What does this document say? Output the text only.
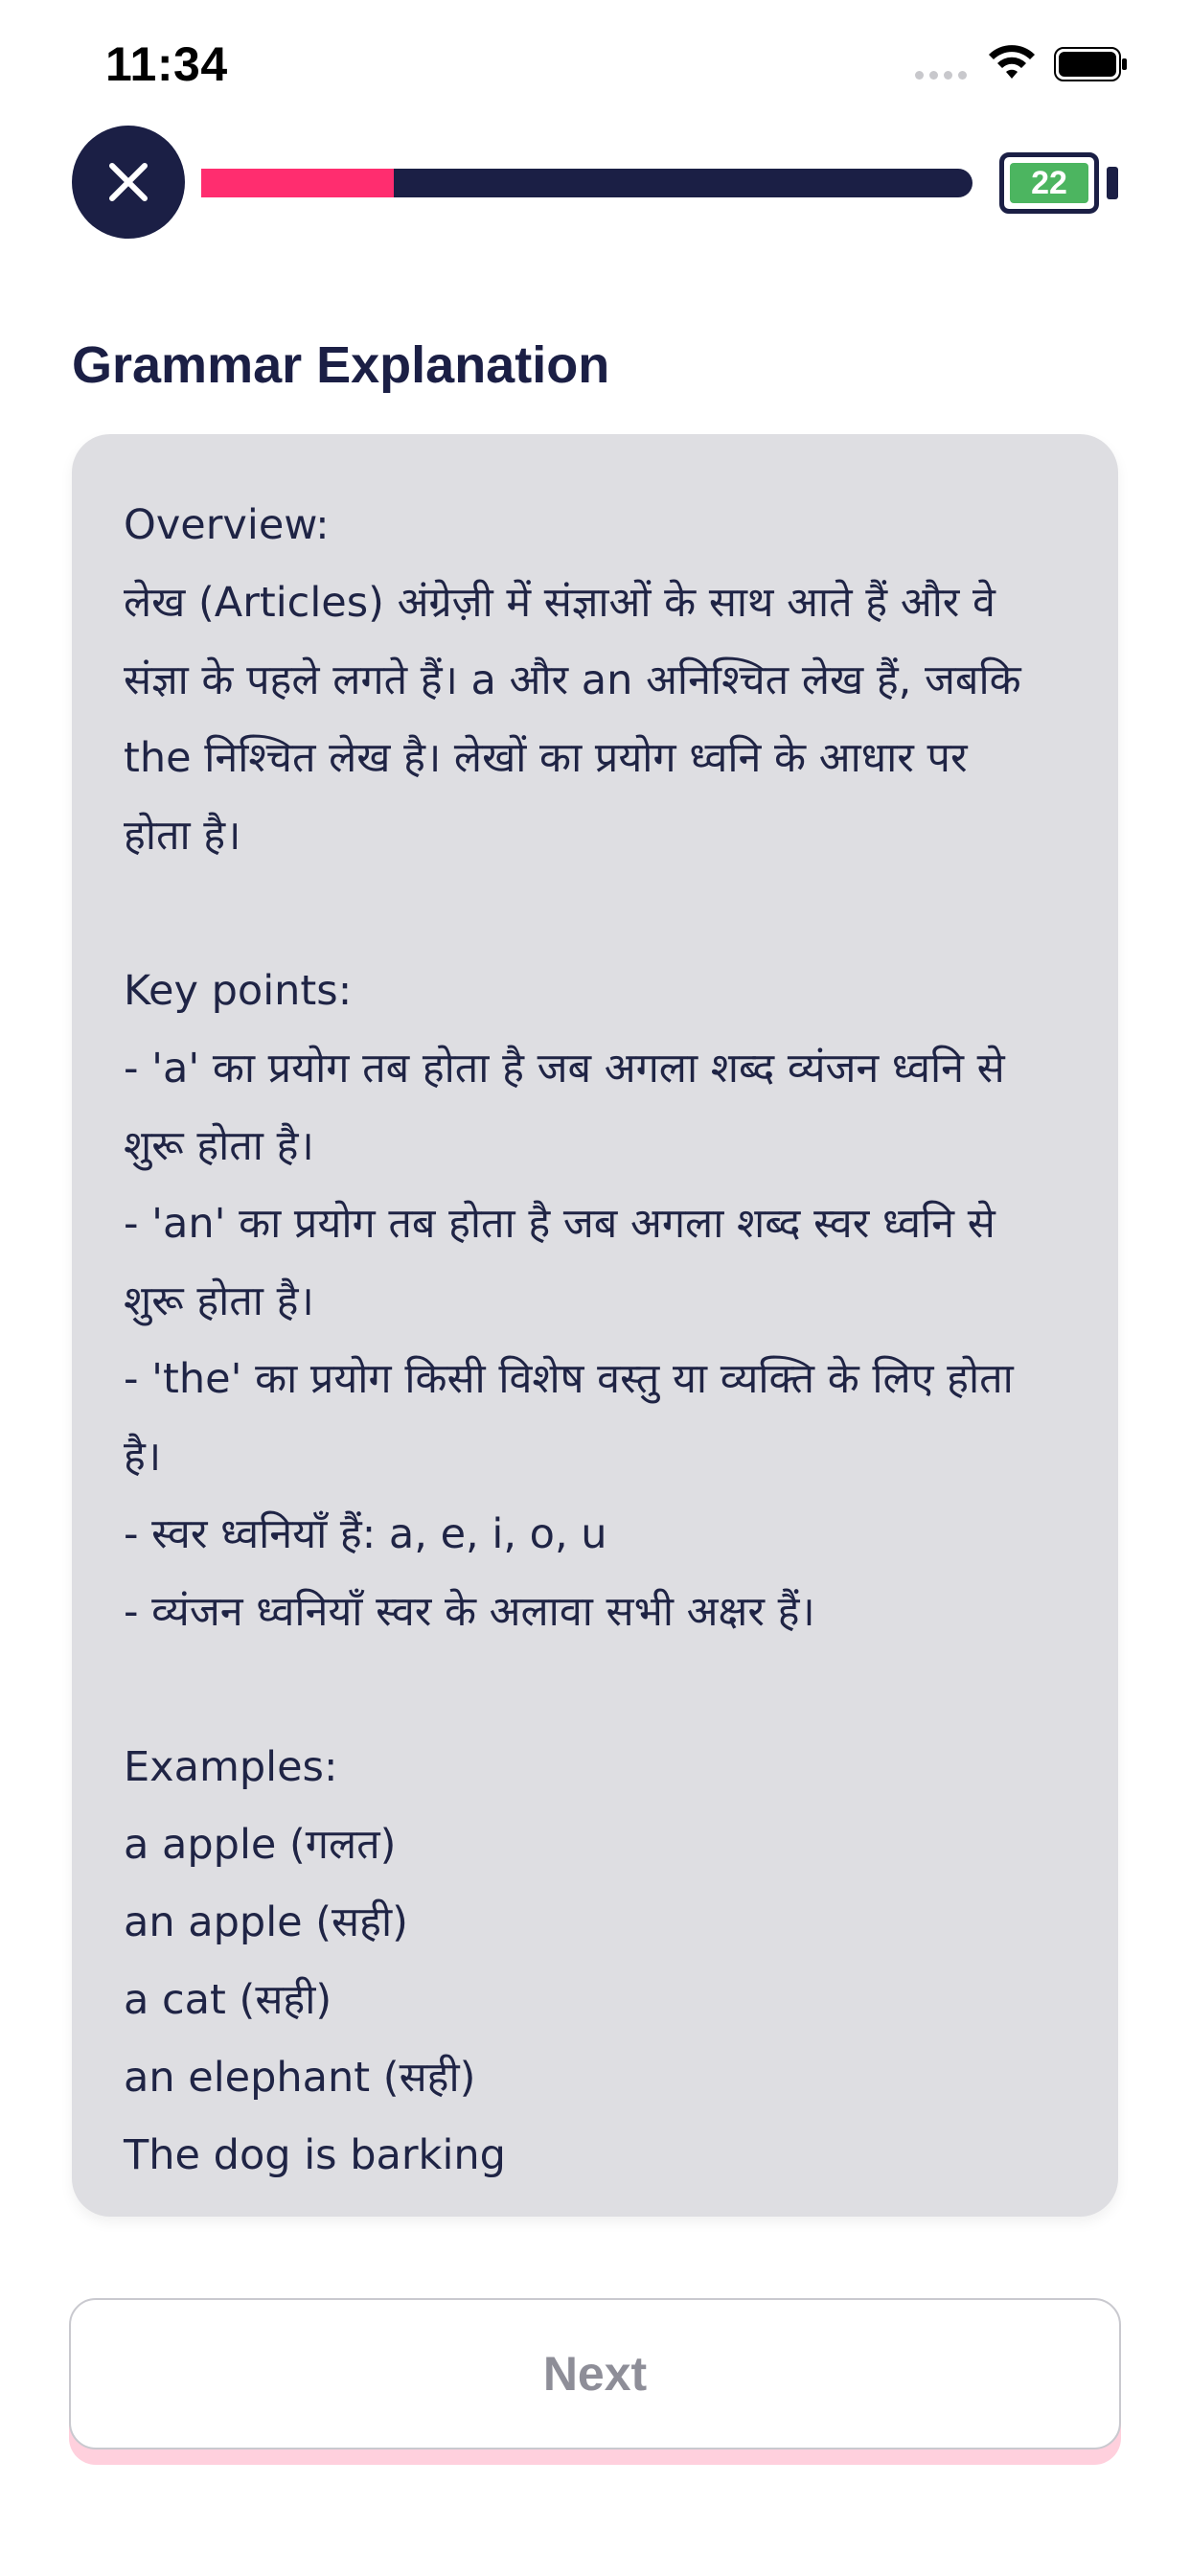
11:34
22
Grammar Explanation
Overview:
लेख (Articles) अंग्रेज़ी में संज्ञाओं के साथ आते हैं और वे
संज्ञा के पहले लगते हैं। a और an अनिश्चित लेख हैं, जबकि
the निश्चित लेख है। लेखों का प्रयोग ध्वनि के आधार पर
होता है।
Key points:
- 'a' का प्रयोग तब होता है जब अगला शब्द व्यंजन ध्वनि से
शुरू होता है।
- 'an' का प्रयोग तब होता है जब अगला शब्द स्वर ध्वनि से
शुरू होता है।
- 'the' का प्रयोग किसी विशेष वस्तु या व्यक्ति के लिए होता
है।
- स्वर ध्वनियाँ हैं: a, e, i, o, u
- व्यंजन ध्वनियाँ स्वर के अलावा सभी अक्षर हैं।
Examples:
a apple (गलत)
an apple (सही)
a cat (सही)
an elephant (सही)
The dog is barking
Next
